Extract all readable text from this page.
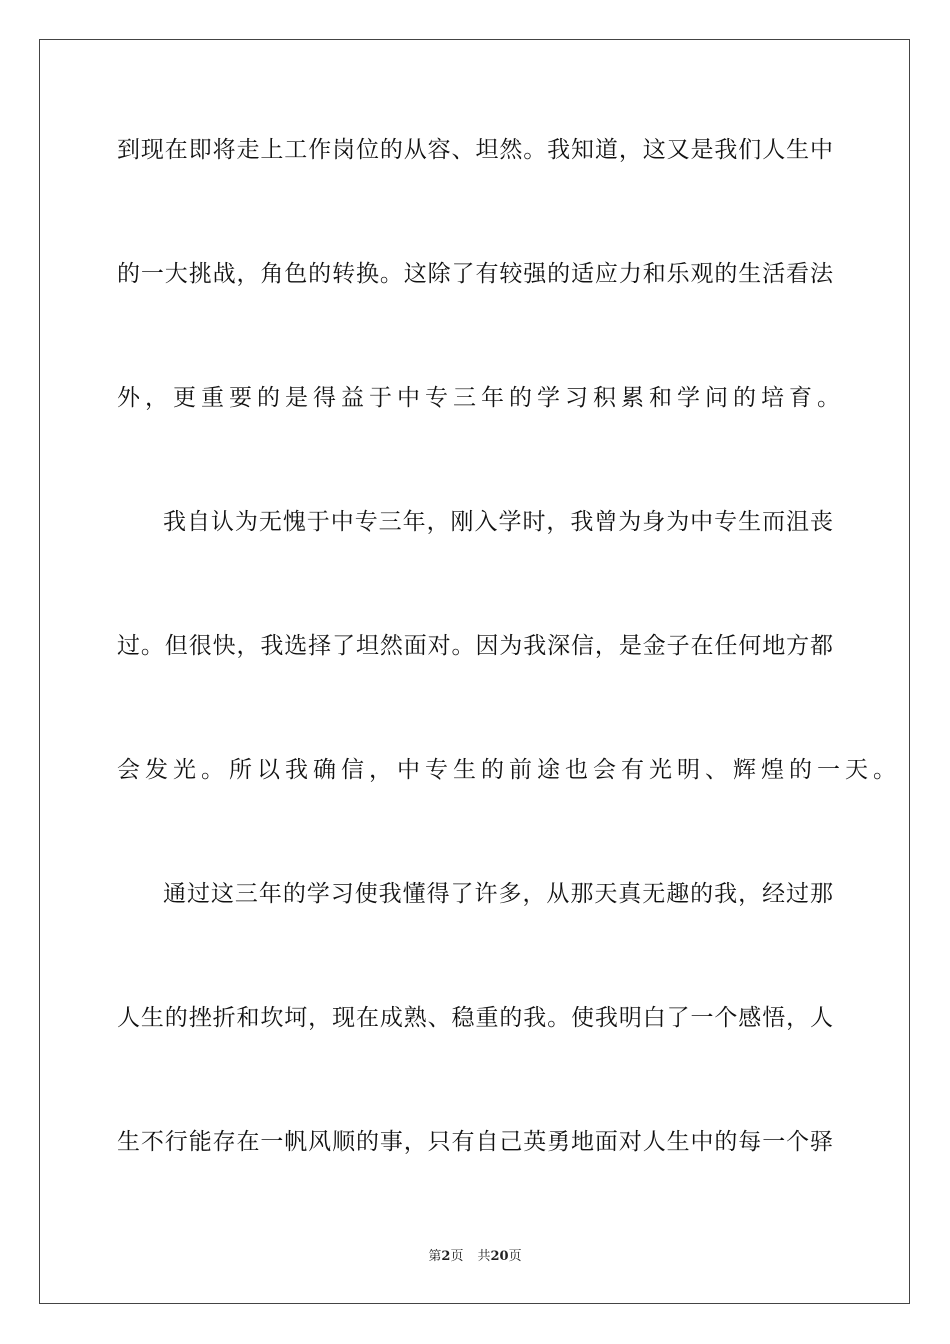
到现在即将走上工作岗位的从容、坦然。我知道，这又是我们人生中
的一大挑战，角色的转换。这除了有较强的适应力和乐观的生活看法
外，更重要的是得益于中专三年的学习积累和学问的培育。
我自认为无愧于中专三年，刚入学时，我曾为身为中专生而沮丧
过。但很快，我选择了坦然面对。因为我深信，是金子在任何地方都
会发光。所以我确信，中专生的前途也会有光明、辉煌的一天。
通过这三年的学习使我懂得了许多，从那天真无趣的我，经过那
人生的挫折和坎坷，现在成熟、稳重的我。使我明白了一个感悟，人
生不行能存在一帆风顺的事，只有自己英勇地面对人生中的每一个驿
第2页 共20页
